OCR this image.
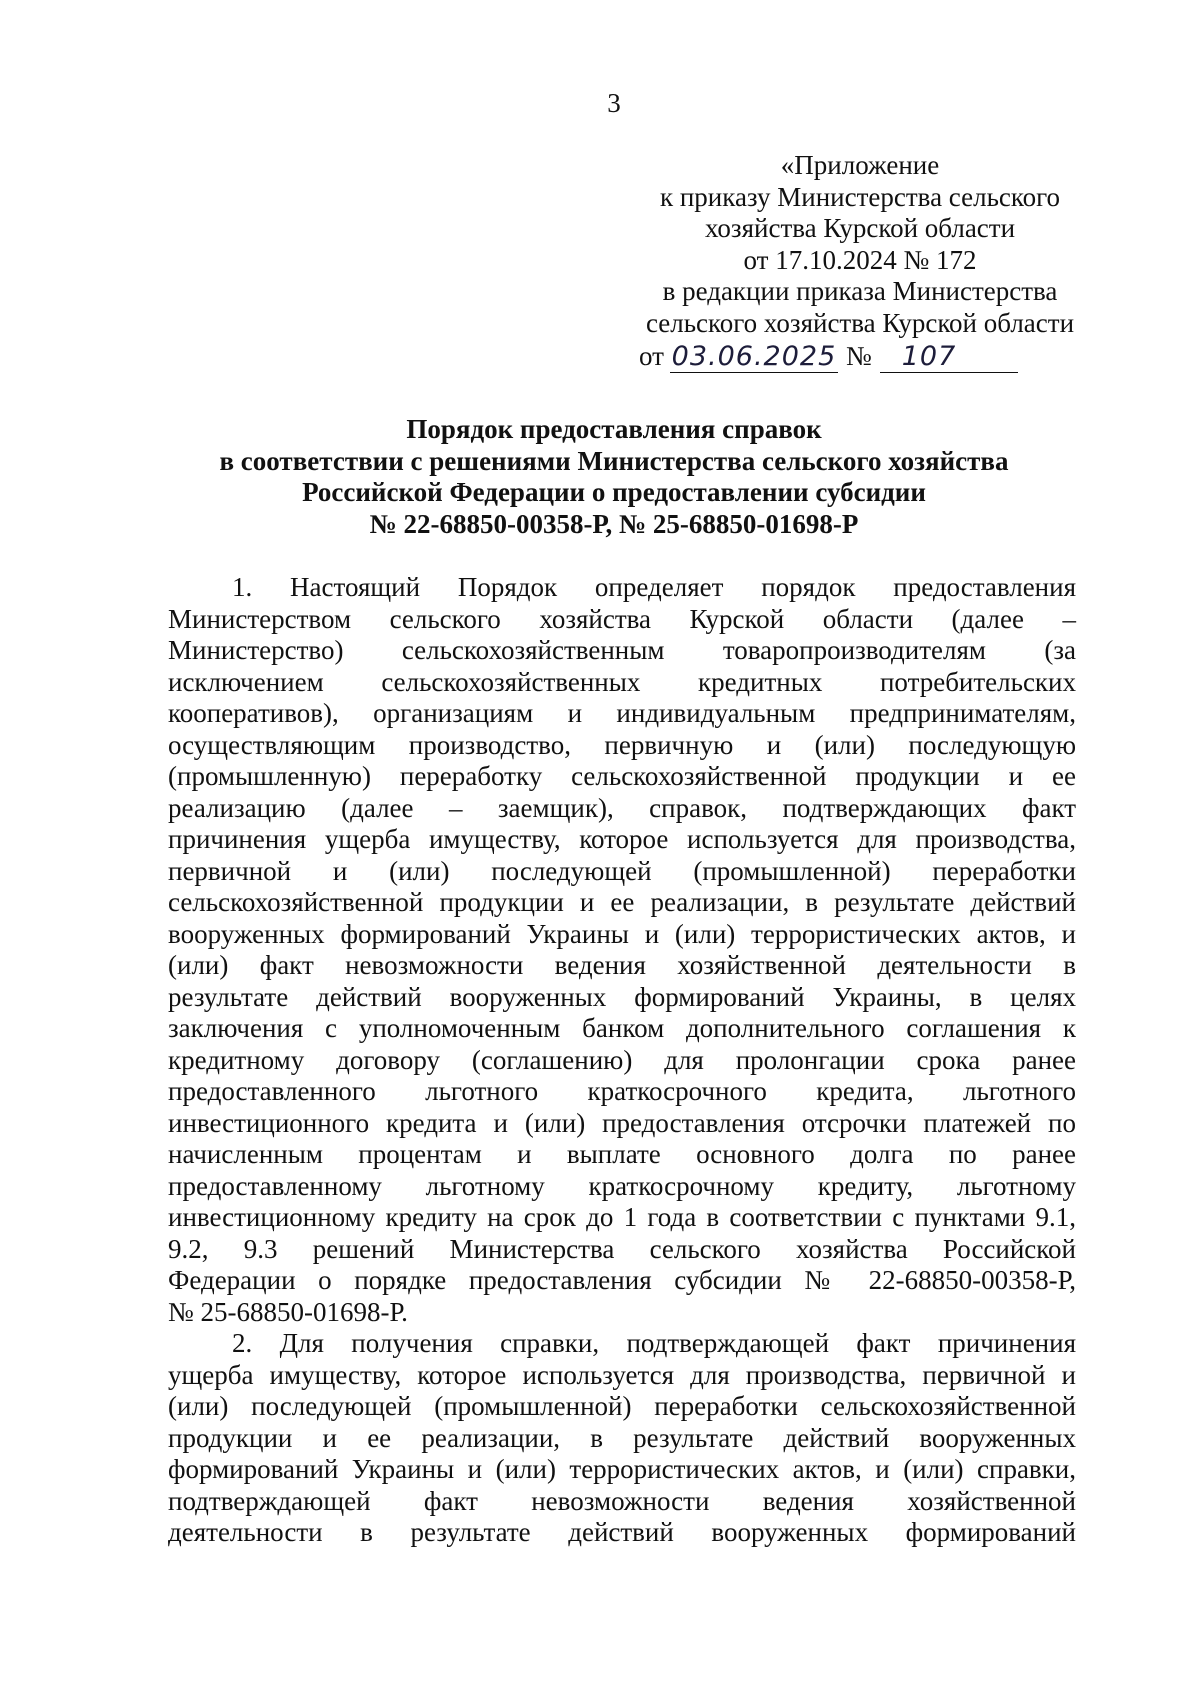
3
«Приложение
к приказу Министерства сельского
хозяйства Курской области
от 17.10.2024 № 172
в редакции приказа Министерства
сельского хозяйства Курской области
от 03.06.2025 № 107
Порядок предоставления справок
в соответствии с решениями Министерства сельского хозяйства
Российской Федерации о предоставлении субсидии
№ 22-68850-00358-Р, № 25-68850-01698-Р
1. Настоящий Порядок определяет порядок предоставления
Министерством сельского хозяйства Курской области (далее –
Министерство) сельскохозяйственным товаропроизводителям (за
исключением сельскохозяйственных кредитных потребительских
кооперативов), организациям и индивидуальным предпринимателям,
осуществляющим производство, первичную и (или) последующую
(промышленную) переработку сельскохозяйственной продукции и ее
реализацию (далее – заемщик), справок, подтверждающих факт
причинения ущерба имуществу, которое используется для производства,
первичной и (или) последующей (промышленной) переработки
сельскохозяйственной продукции и ее реализации, в результате действий
вооруженных формирований Украины и (или) террористических актов, и
(или) факт невозможности ведения хозяйственной деятельности в
результате действий вооруженных формирований Украины, в целях
заключения с уполномоченным банком дополнительного соглашения к
кредитному договору (соглашению) для пролонгации срока ранее
предоставленного льготного краткосрочного кредита, льготного
инвестиционного кредита и (или) предоставления отсрочки платежей по
начисленным процентам и выплате основного долга по ранее
предоставленному льготному краткосрочному кредиту, льготному
инвестиционному кредиту на срок до 1 года в соответствии с пунктами 9.1,
9.2, 9.3 решений Министерства сельского хозяйства Российской
Федерации о порядке предоставления субсидии № 22-68850-00358-Р,
№ 25-68850-01698-Р.
2. Для получения справки, подтверждающей факт причинения
ущерба имуществу, которое используется для производства, первичной и
(или) последующей (промышленной) переработки сельскохозяйственной
продукции и ее реализации, в результате действий вооруженных
формирований Украины и (или) террористических актов, и (или) справки,
подтверждающей факт невозможности ведения хозяйственной
деятельности в результате действий вооруженных формирований
